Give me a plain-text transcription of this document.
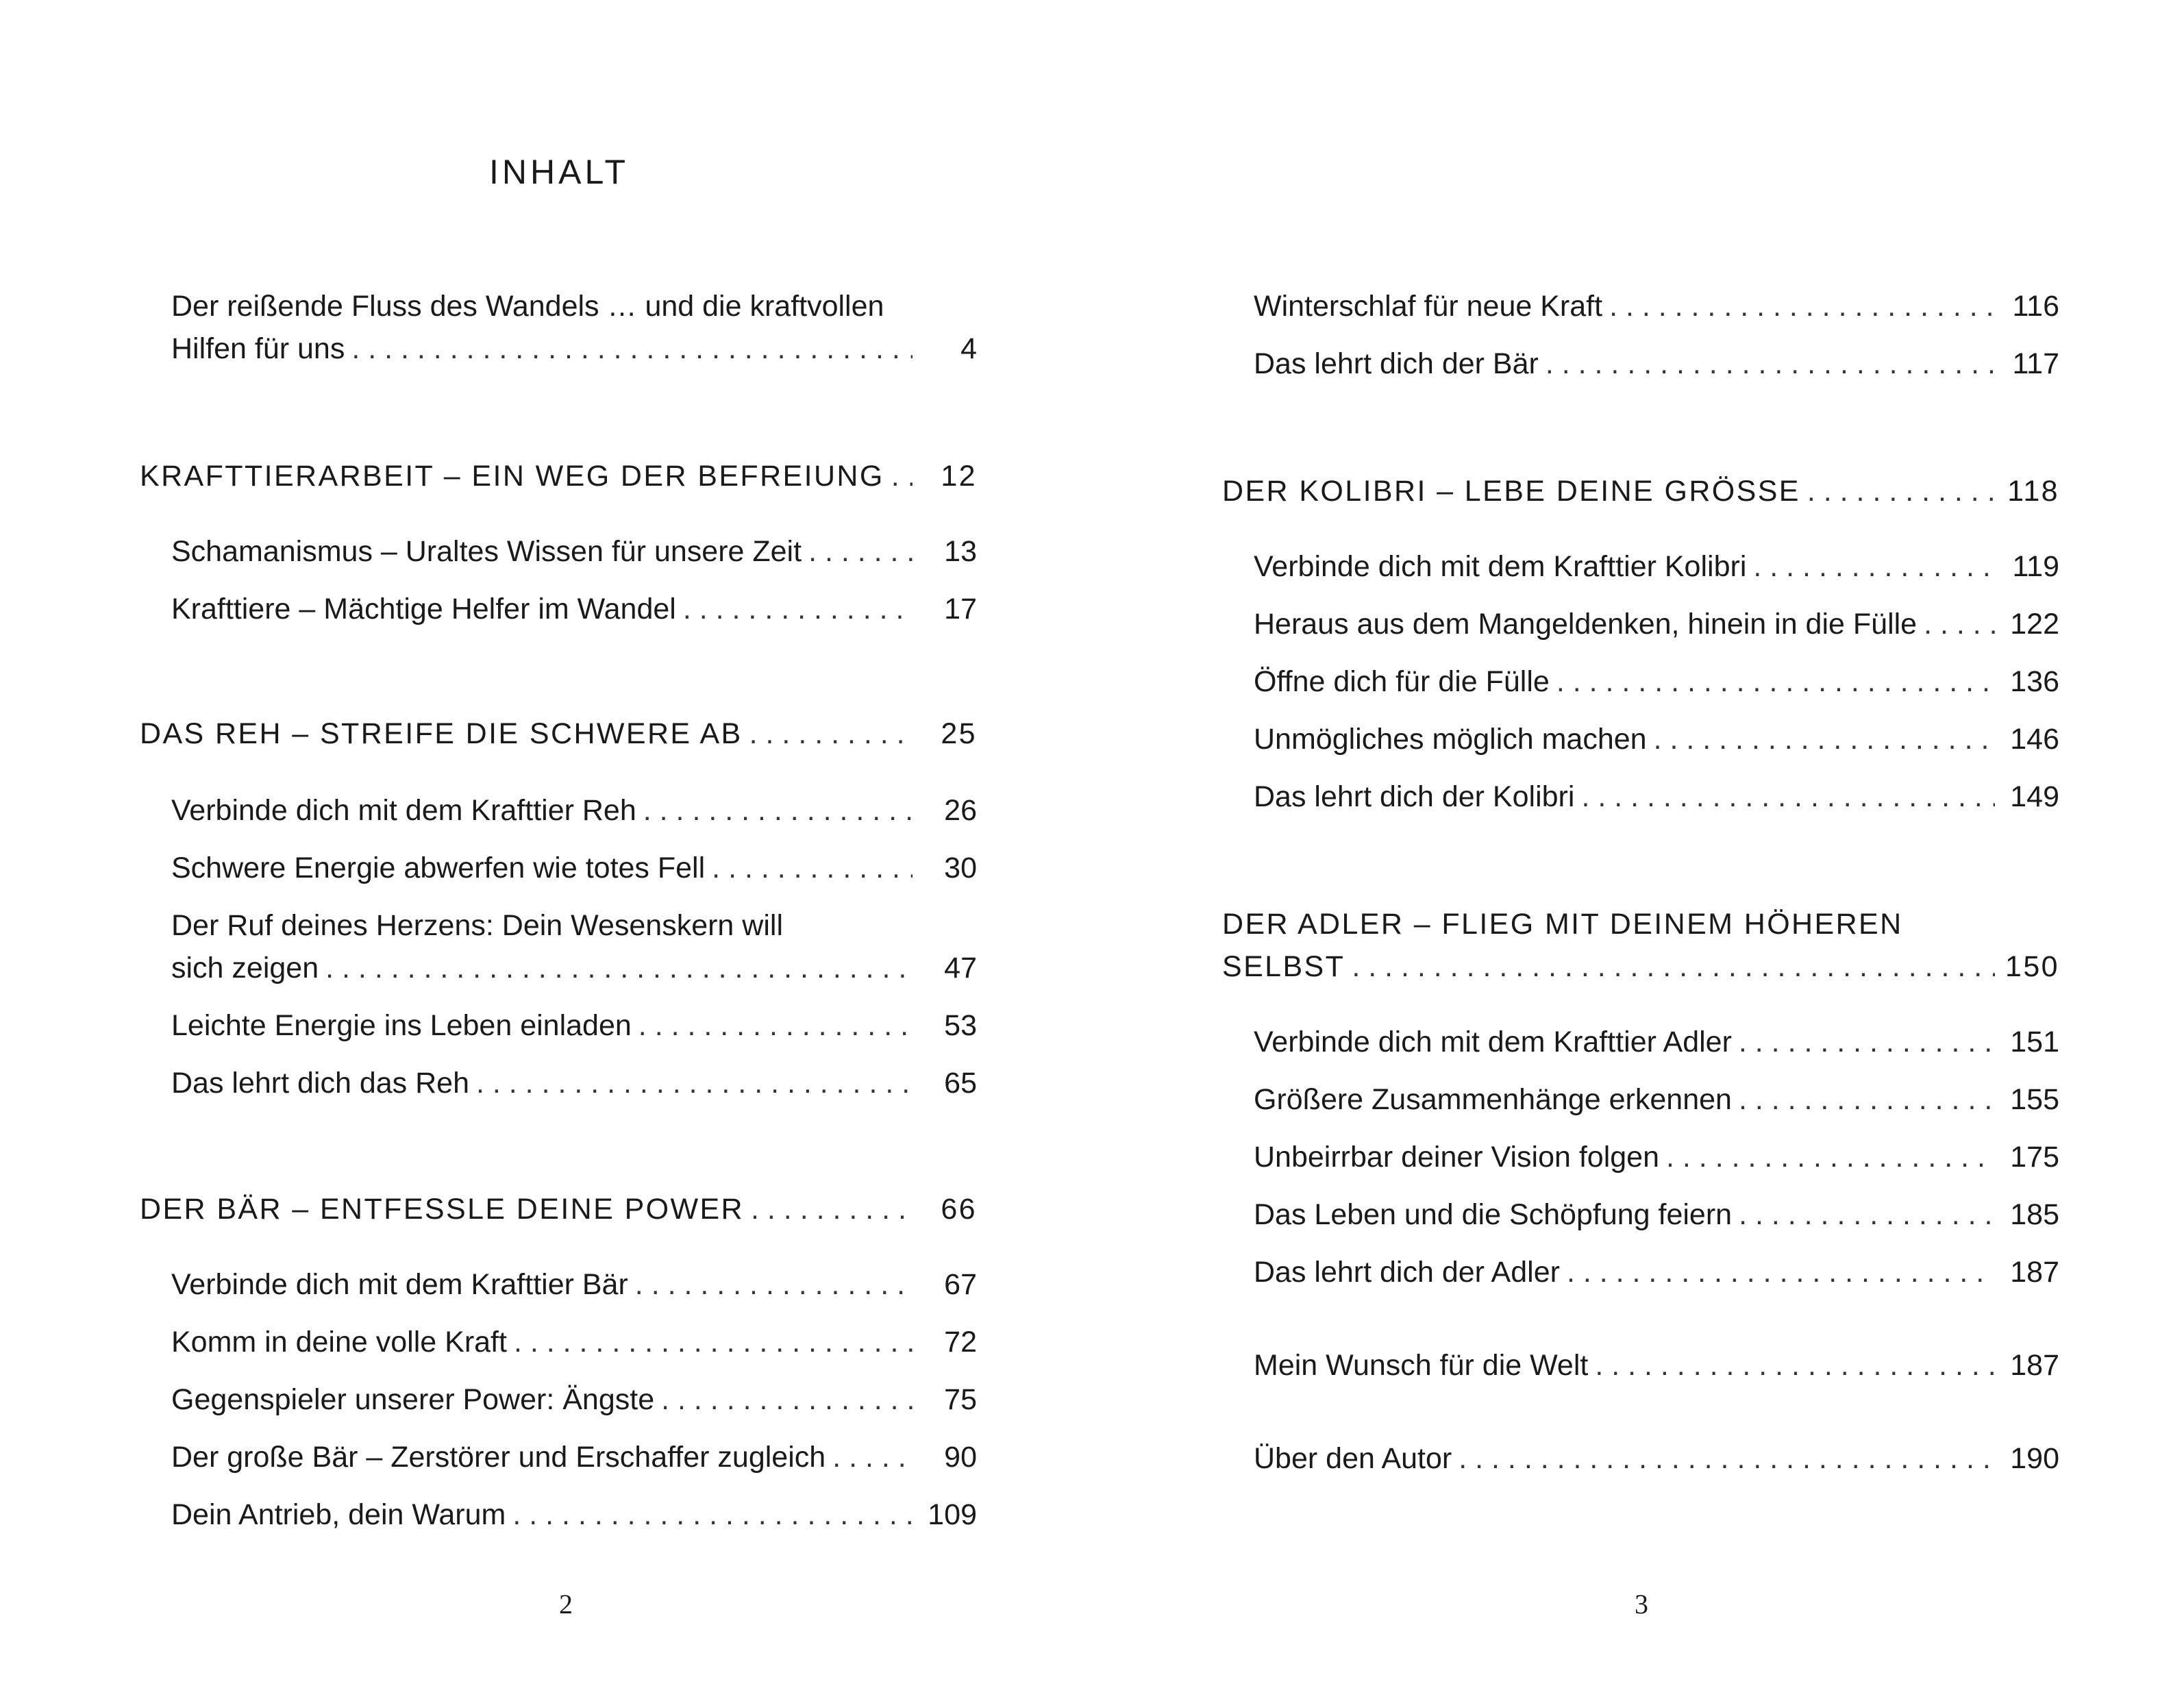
INHALT
Der reißende Fluss des Wandels … und die kraftvollen
Hilfen für uns . . .	4
KRAFTTIERARBEIT – EIN WEG DER BEFREIUNG . . .	12
Schamanismus – Uraltes Wissen für unsere Zeit . . .	13
Krafttiere – Mächtige Helfer im Wandel . . .	17
DAS REH – STREIFE DIE SCHWERE AB . . .	25
Verbinde dich mit dem Krafttier Reh . . .	26
Schwere Energie abwerfen wie totes Fell . . .	30
Der Ruf deines Herzens: Dein Wesenskern will
sich zeigen . . .	47
Leichte Energie ins Leben einladen . . .	53
Das lehrt dich das Reh . . .	65
DER BÄR – ENTFESSLE DEINE POWER . . .	66
Verbinde dich mit dem Krafttier Bär . . .	67
Komm in deine volle Kraft . . .	72
Gegenspieler unserer Power: Ängste . . .	75
Der große Bär – Zerstörer und Erschaffer zugleich . . .	90
Dein Antrieb, dein Warum . . .	109
2
Winterschlaf für neue Kraft . . .	116
Das lehrt dich der Bär . . .	117
DER KOLIBRI – LEBE DEINE GRÖSSE . . .	118
Verbinde dich mit dem Krafttier Kolibri . . .	119
Heraus aus dem Mangeldenken, hinein in die Fülle . . .	122
Öffne dich für die Fülle . . .	136
Unmögliches möglich machen . . .	146
Das lehrt dich der Kolibri . . .	149
DER ADLER – FLIEG MIT DEINEM HÖHEREN
SELBST . . .	150
Verbinde dich mit dem Krafttier Adler . . .	151
Größere Zusammenhänge erkennen . . .	155
Unbeirrbar deiner Vision folgen . . .	175
Das Leben und die Schöpfung feiern . . .	185
Das lehrt dich der Adler . . .	187
Mein Wunsch für die Welt . . .	187
Über den Autor . . .	190
3
